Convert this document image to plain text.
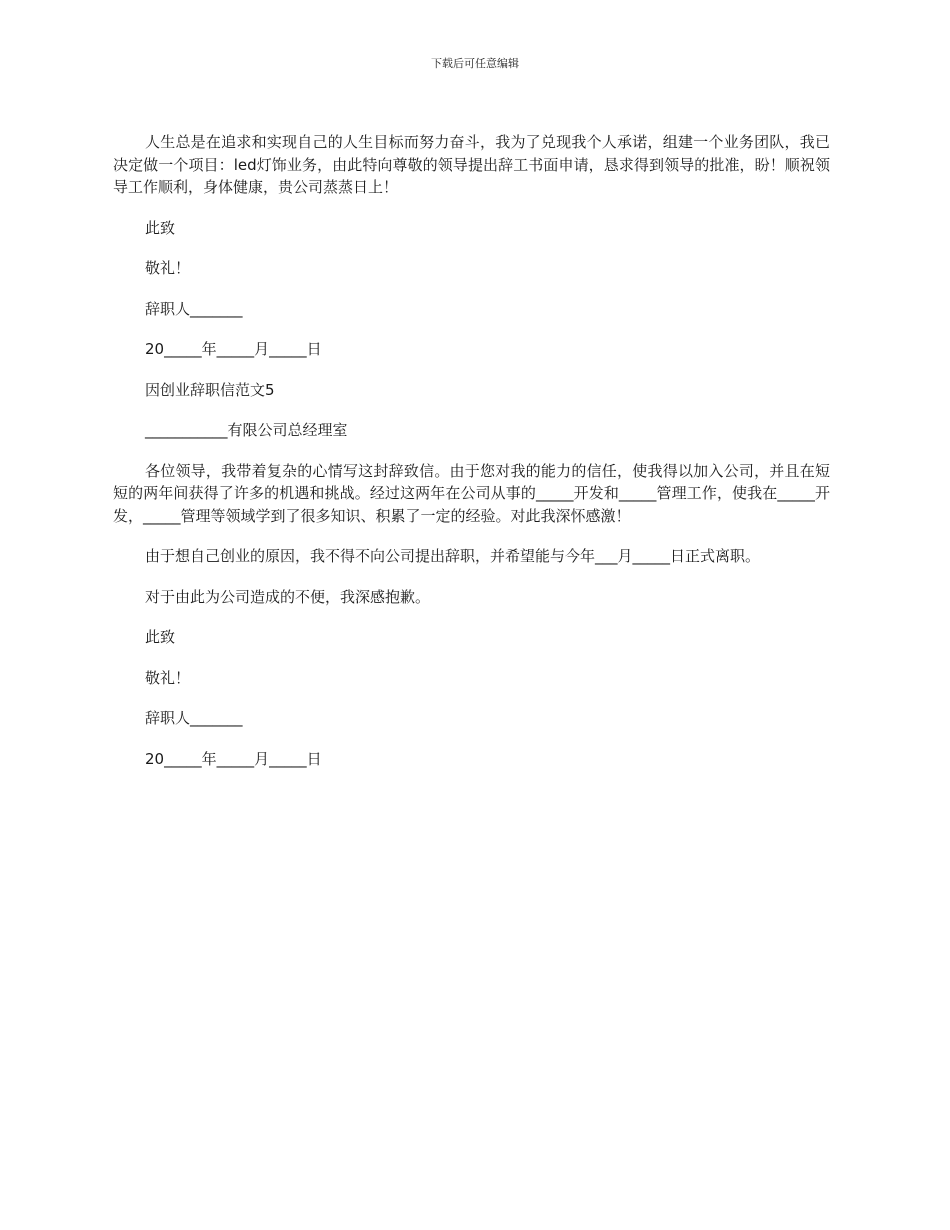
下载后可任意编辑

人生总是在追求和实现自己的人生目标而努力奋斗，我为了兑现我个人承诺，组建一个业务团队，我已决定做一个项目：led灯饰业务，由此特向尊敬的领导提出辞工书面申请，恳求得到领导的批准，盼！顺祝领导工作顺利，身体健康，贵公司蒸蒸日上！

此致

敬礼！

辞职人_______

20_____年_____月_____日

因创业辞职信范文5

___________有限公司总经理室

各位领导，我带着复杂的心情写这封辞致信。由于您对我的能力的信任，使我得以加入公司，并且在短短的两年间获得了许多的机遇和挑战。经过这两年在公司从事的_____开发和_____管理工作，使我在_____开发，_____管理等领域学到了很多知识、积累了一定的经验。对此我深怀感激！

由于想自己创业的原因，我不得不向公司提出辞职，并希望能与今年___月_____日正式离职。

对于由此为公司造成的不便，我深感抱歉。

此致

敬礼！

辞职人_______

20_____年_____月_____日
